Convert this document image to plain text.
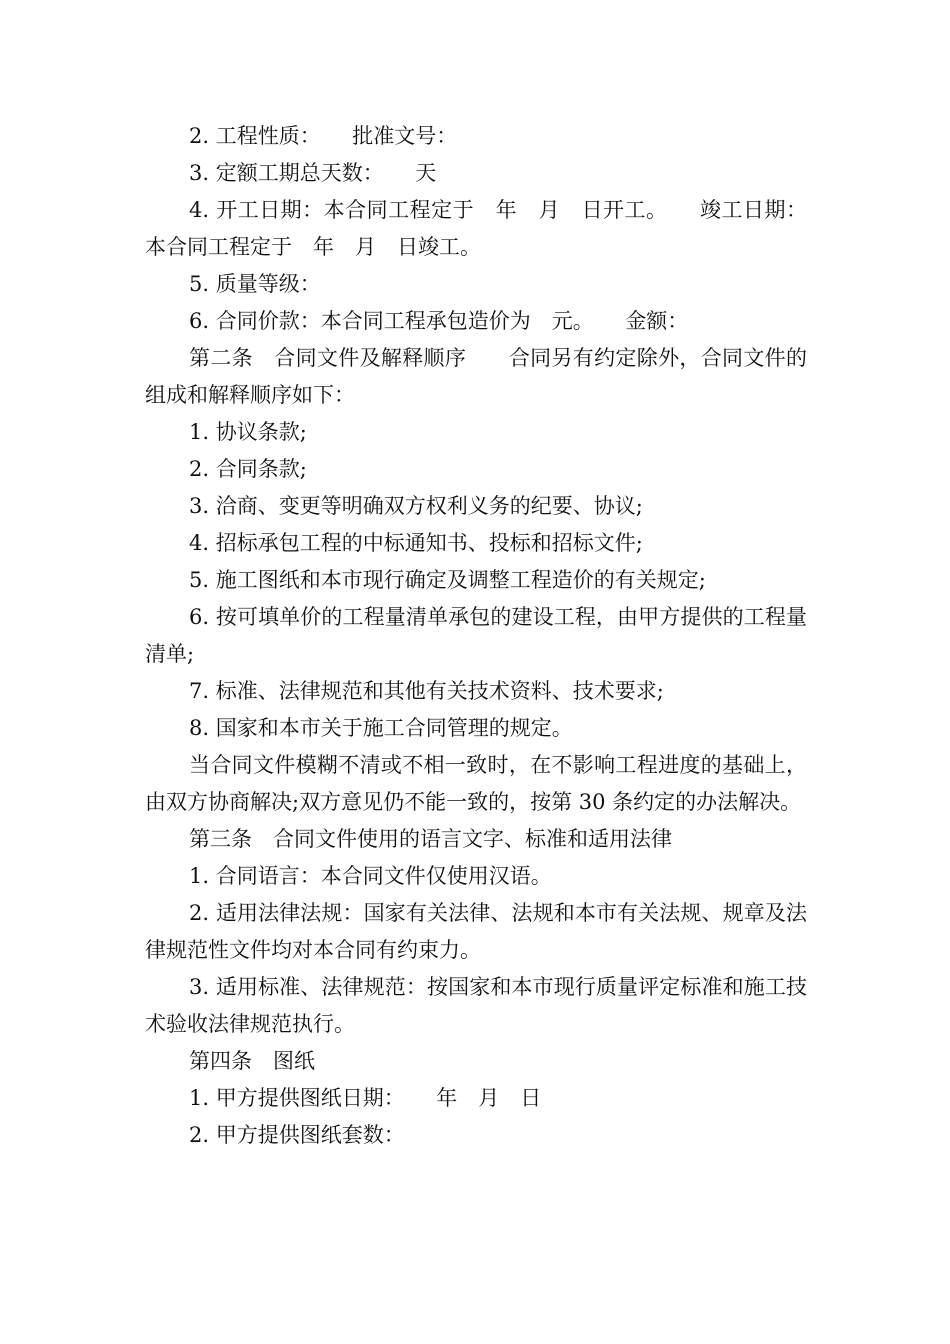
2. 工程性质：　　批准文号：

3. 定额工期总天数：　　天

4. 开工日期：本合同工程定于　年　月　日开工。　　竣工日期：本合同工程定于　年　月　日竣工。

5. 质量等级：

6. 合同价款：本合同工程承包造价为　元。　　金额：

第二条　合同文件及解释顺序　　合同另有约定除外，合同文件的组成和解释顺序如下：

1. 协议条款;

2. 合同条款;

3. 洽商、变更等明确双方权利义务的纪要、协议;

4. 招标承包工程的中标通知书、投标和招标文件;

5. 施工图纸和本市现行确定及调整工程造价的有关规定;

6. 按可填单价的工程量清单承包的建设工程，由甲方提供的工程量清单;

7. 标准、法律规范和其他有关技术资料、技术要求;

8. 国家和本市关于施工合同管理的规定。

当合同文件模糊不清或不相一致时，在不影响工程进度的基础上，由双方协商解决;双方意见仍不能一致的，按第 30 条约定的办法解决。

第三条　合同文件使用的语言文字、标准和适用法律

1. 合同语言：本合同文件仅使用汉语。

2. 适用法律法规：国家有关法律、法规和本市有关法规、规章及法律规范性文件均对本合同有约束力。

3. 适用标准、法律规范：按国家和本市现行质量评定标准和施工技术验收法律规范执行。

第四条　图纸

1. 甲方提供图纸日期：　　年　月　日

2. 甲方提供图纸套数：
